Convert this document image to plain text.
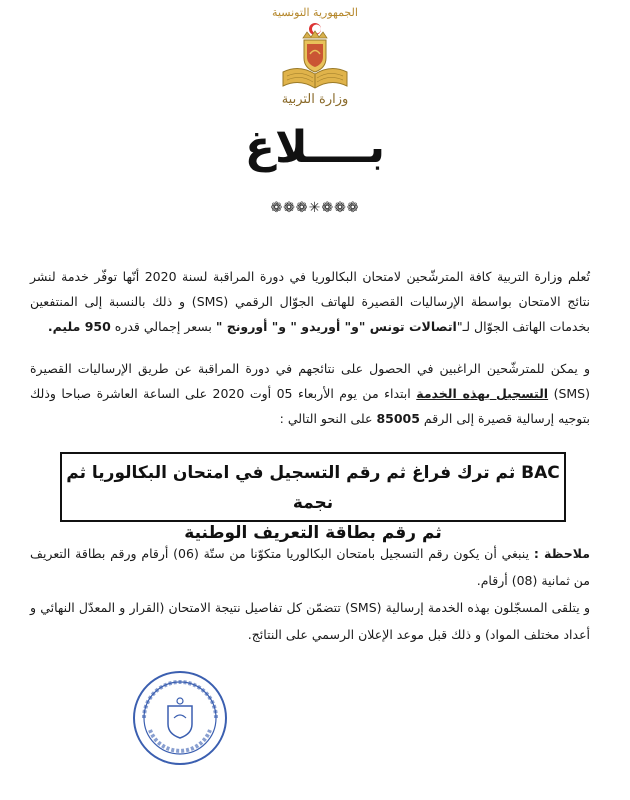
الجمهورية التونسية
وزارة التربية
بــــلاغ
❁❁❁✳❁❁❁
تُعلم وزارة التربية كافة المترشّحين لامتحان البكالوريا في دورة المراقبة لسنة 2020 أنّها توفّر خدمة لنشر نتائج الامتحان بواسطة الإرساليات القصيرة للهاتف الجوّال الرقمي (SMS) و ذلك بالنسبة إلى المنتفعين بخدمات الهاتف الجوّال لـ"اتصالات تونس "و" أوريدو " و" أورونج " بسعر إجمالي قدره 950 مليم.
و يمكن للمترشّحين الراغبين في الحصول على نتائجهم في دورة المراقبة عن طريق الإرساليات القصيرة (SMS) التسجيل بهذه الخدمة ابتداء من يوم الأربعاء 05 أوت 2020 على الساعة العاشرة صباحا وذلك بتوجيه إرسالية قصيرة إلى الرقم 85005 على النحو التالي :
BAC ثم ترك فراغ ثم رقم التسجيل في امتحان البكالوريا ثم نجمة
ثم رقم بطاقة التعريف الوطنية
ملاحظة : ينبغي أن يكون رقم التسجيل بامتحان البكالوريا متكوّنا من ستّة (06) أرقام ورقم بطاقة التعريف من ثمانية (08) أرقام.
و يتلقى المسجّلون بهذه الخدمة إرسالية (SMS) تتضمّن كل تفاصيل نتيجة الامتحان (القرار و المعدّل النهائي و أعداد مختلف المواد) و ذلك قبل موعد الإعلان الرسمي على النتائج.
